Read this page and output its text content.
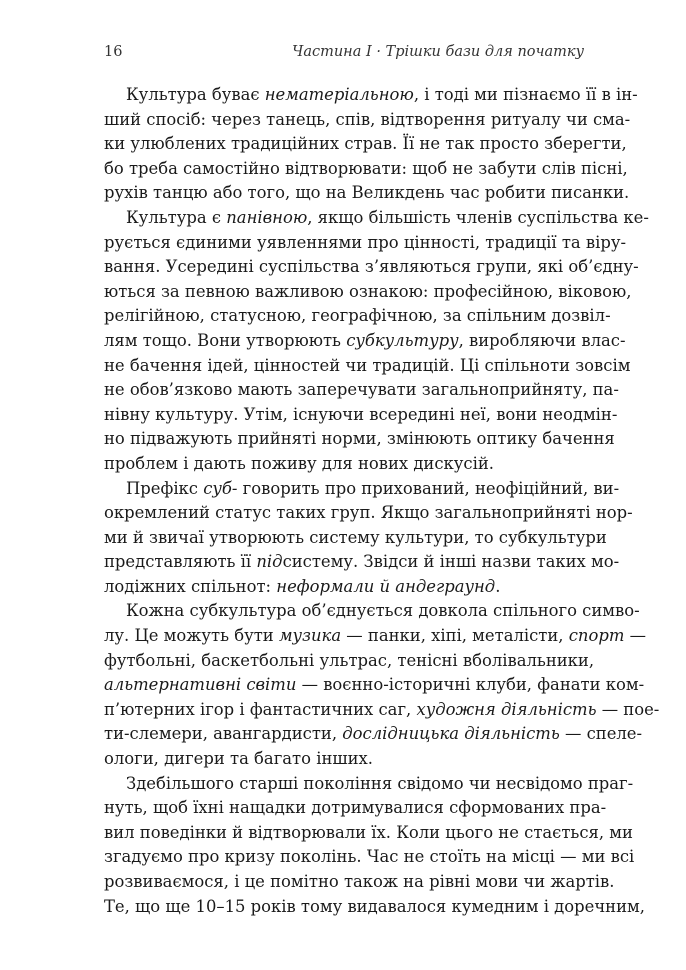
16	Частина І · Трішки бази для початку
Культура буває нематеріальною, і тоді ми пізнаємо її в ін-
ший спосіб: через танець, спів, відтворення ритуалу чи сма-
ки улюблених традиційних страв. Її не так просто зберегти,
бо треба самостійно відтворювати: щоб не забути слів пісні,
рухів танцю або того, що на Великдень час робити писанки.
Культура є панівною, якщо більшість членів суспільства ке-
рується єдиними уявленнями про цінності, традиції та віру-
вання. Усередині суспільства з’являються групи, які об’єдну-
ються за певною важливою ознакою: професійною, віковою,
релігійною, статусною, географічною, за спільним дозвіл-
лям тощо. Вони утворюють субкультуру, виробляючи влас-
не бачення ідей, цінностей чи традицій. Ці спільноти зовсім
не обов’язково мають заперечувати загальноприйняту, па-
нівну культуру. Утім, існуючи всередині неї, вони неодмін-
но підважують прийняті норми, змінюють оптику бачення
проблем і дають поживу для нових дискусій.
Префікс суб- говорить про прихований, неофіційний, ви-
окремлений статус таких груп. Якщо загальноприйняті нор-
ми й звичаї утворюють систему культури, то субкультури
представляють її підсистему. Звідси й інші назви таких мо-
лодіжних спільнот: неформали й андеграунд.
Кожна субкультура об’єднується довкола спільного симво-
лу. Це можуть бути музика — панки, хіпі, металісти, спорт —
футбольні, баскетбольні ультрас, тенісні вболівальники,
альтернативні світи — воєнно-історичні клуби, фанати ком-
п’ютерних ігор і фантастичних саг, художня діяльність — пое-
ти-слемери, авангардисти, дослідницька діяльність — спеле-
ологи, дигери та багато інших.
Здебільшого старші покоління свідомо чи несвідомо праг-
нуть, щоб їхні нащадки дотримувалися сформованих пра-
вил поведінки й відтворювали їх. Коли цього не стається, ми
згадуємо про кризу поколінь. Час не стоїть на місці — ми всі
розвиваємося, і це помітно також на рівні мови чи жартів.
Те, що ще 10–15 років тому видавалося кумедним і доречним,
